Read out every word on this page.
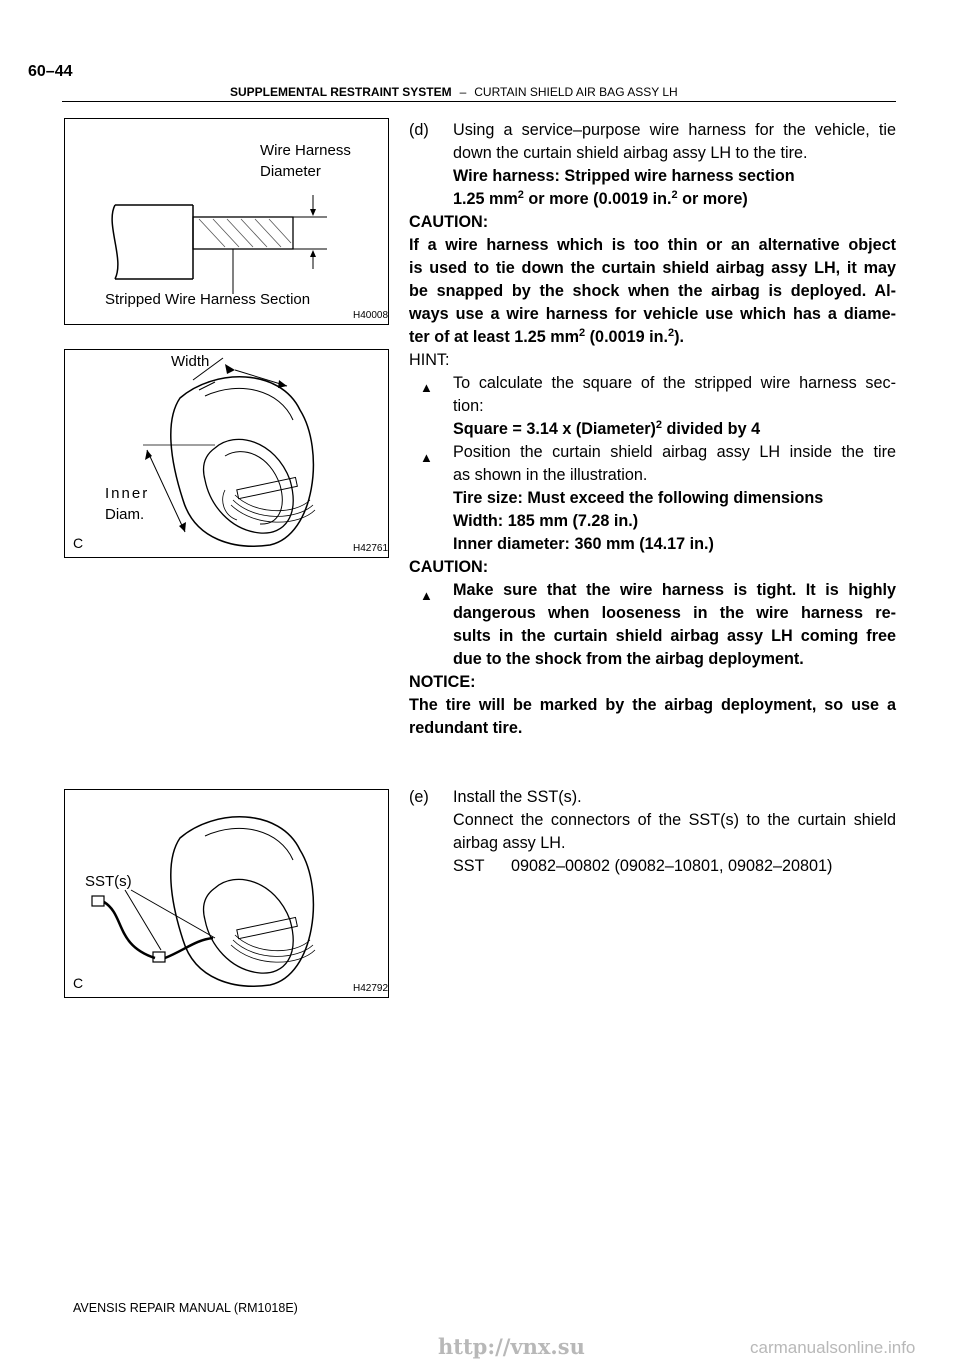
60–44
SUPPLEMENTAL RESTRAINT SYSTEM – CURTAIN SHIELD AIR BAG ASSY LH
Wire Harness
Diameter
Stripped Wire Harness Section
H40008
Width
Inner
Diam.
C	H42761
SST(s)
C	H42792
(d) Using a service–purpose wire harness for the vehicle, tie
down the curtain shield airbag assy LH to the tire.
Wire harness: Stripped wire harness section
1.25 $mm^2$ or more (0.0019 in.$^2$ or more)
CAUTION:
If a wire harness which is too thin or an alternative object
is used to tie down the curtain shield airbag assy LH, it may
be snapped by the shock when the airbag is deployed. Al-
ways use a wire harness for vehicle use which has a diame-
ter of at least 1.25 $mm^2$ (0.0019 in.$^2$).
HINT:
▲ To calculate the square of the stripped wire harness sec-
tion:
Square = 3.14 x (Diameter)$^2$ divided by 4
▲ Position the curtain shield airbag assy LH inside the tire
as shown in the illustration.
Tire size: Must exceed the following dimensions
Width: 185 mm (7.28 in.)
Inner diameter: 360 mm (14.17 in.)
CAUTION:
▲ Make sure that the wire harness is tight. It is highly
dangerous when looseness in the wire harness re-
sults in the curtain shield airbag assy LH coming free
due to the shock from the airbag deployment.
NOTICE:
The tire will be marked by the airbag deployment, so use a
redundant tire.
(e) Install the SST(s).
Connect the connectors of the SST(s) to the curtain shield
airbag assy LH.
SST 09082–00802 (09082–10801, 09082–20801)
AVENSIS REPAIR MANUAL (RM1018E)
http://vnx.su	carmanualsonline.info
